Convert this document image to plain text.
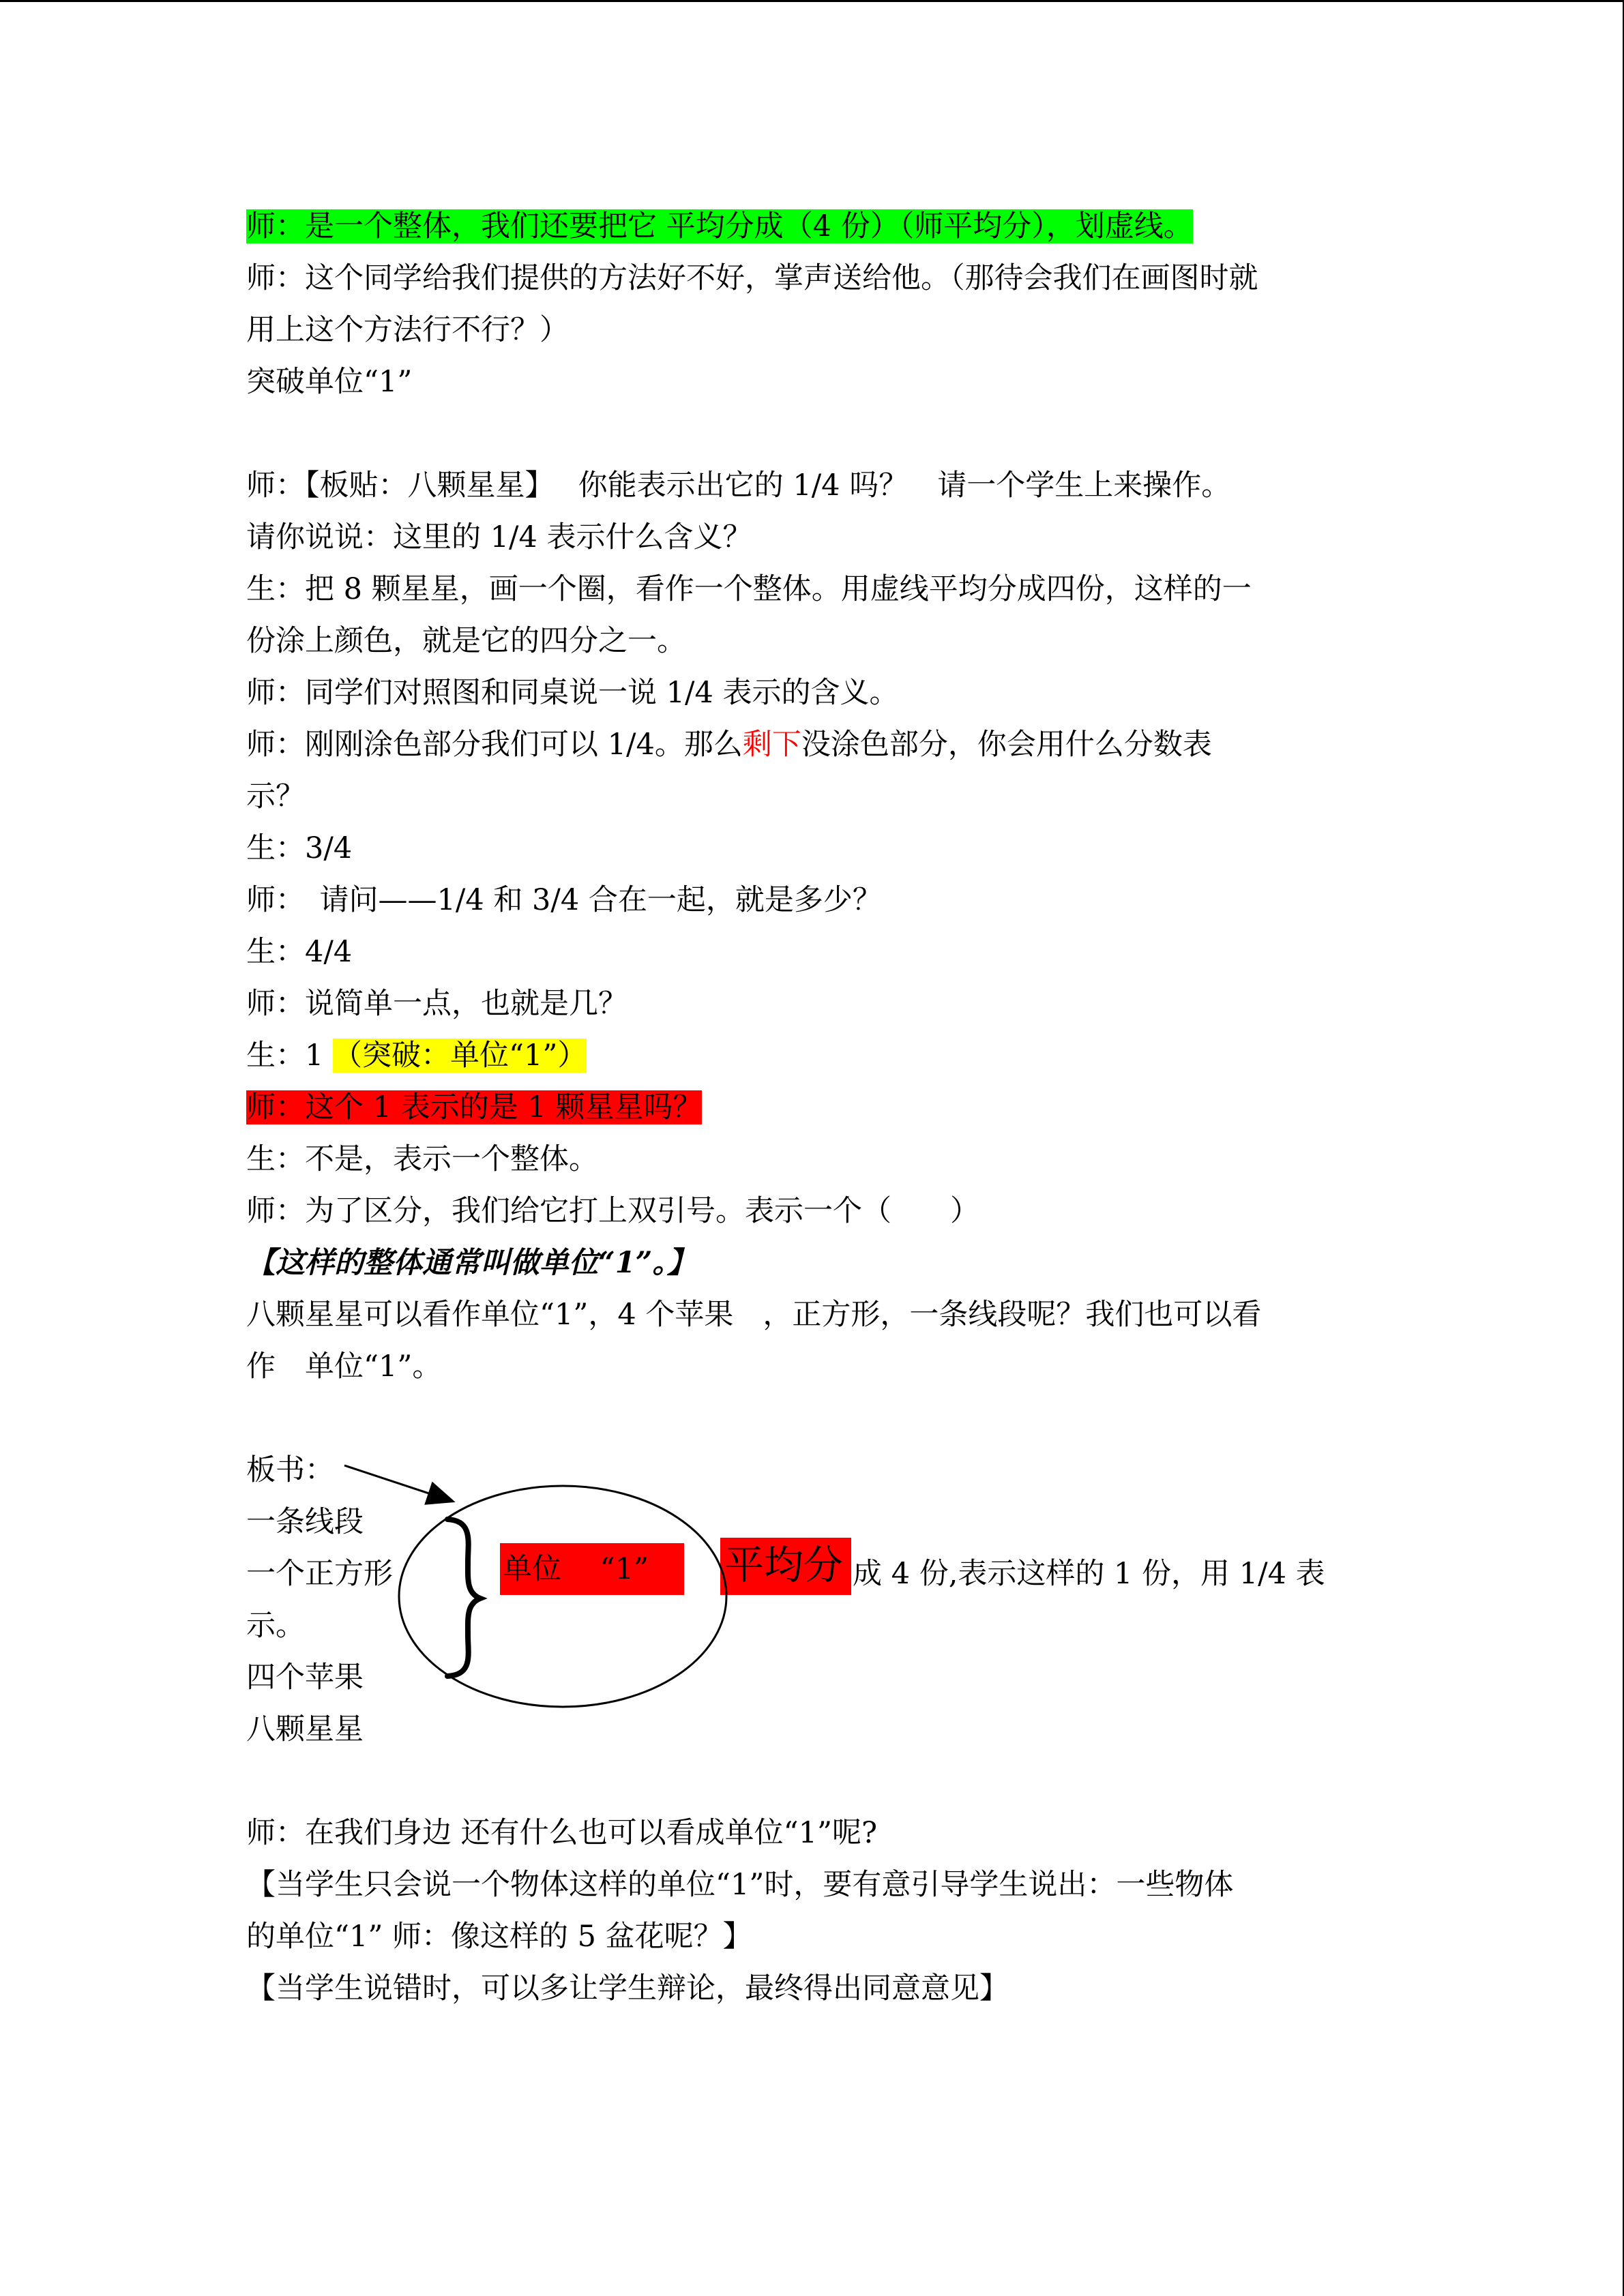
师：是一个整体，我们还要把它 平均分成（4 份）（师平均分），划虚线。

师：这个同学给我们提供的方法好不好，掌声送给他。（那待会我们在画图时就

用上这个方法行不行？）

突破单位“1”

师：【板贴：八颗星星】　 你能表示出它的 1/4 吗？　请一个学生上来操作。

请你说说：这里的 1/4 表示什么含义？

生：把 8 颗星星，画一个圈，看作一个整体。用虚线平均分成四份，这样的一

份涂上颜色，就是它的四分之一。

师：同学们对照图和同桌说一说 1/4 表示的含义。

师：刚刚涂色部分我们可以 1/4。那么剩下没涂色部分，你会用什么分数表

示？

生：3/4

师：　请问——1/4 和 3/4 合在一起，就是多少？

生：4/4

师：说简单一点，也就是几？

生：1 （突破：单位“1”）

师：这个 1 表示的是 1 颗星星吗？

生：不是，表示一个整体。

师：为了区分，我们给它打上双引号。表示一个（　　）

【这样的整体通常叫做单位“1”。】

八颗星星可以看作单位“1”，4 个苹果　，正方形，一条线段呢？我们也可以看

作　单位“1”。

板书：

一条线段

一个正方形	成 4 份,表示这样的 1 份，用 1/4 表

示。

四个苹果

八颗星星

单位　 “1”	平均分

师：在我们身边 还有什么也可以看成单位“1”呢?

【当学生只会说一个物体这样的单位“1”时，要有意引导学生说出：一些物体

的单位“1” 师：像这样的 5 盆花呢？】

【当学生说错时，可以多让学生辩论，最终得出同意意见】
